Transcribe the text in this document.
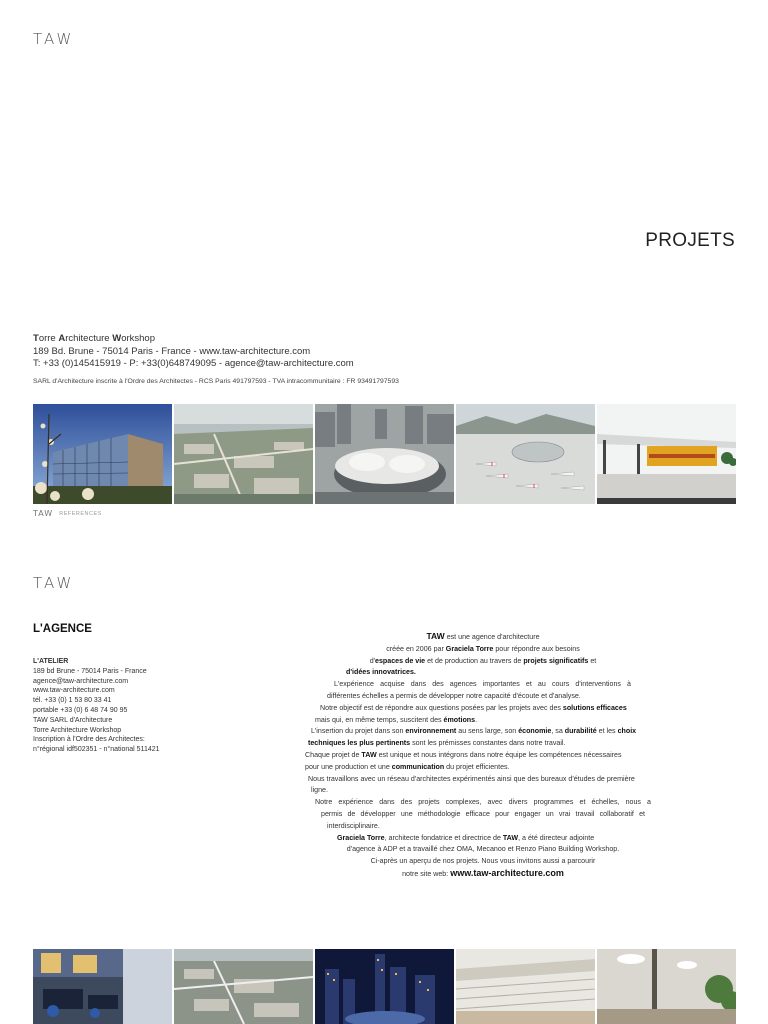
TAW
PROJETS
Torre Architecture Workshop
189 Bd. Brune - 75014 Paris - France - www.taw-architecture.com
T: +33 (0)145415919 - P: +33(0)648749095 - agence@taw-architecture.com
SARL d'Architecture inscrite à l'Ordre des Architectes - RCS Paris 491797593 - TVA intracommunitaire : FR 93491797593
TAW REFERENCES
TAW
L'AGENCE
L'ATELIER
189 bd Brune - 75014 Paris - France
agence@taw-architecture.com
www.taw-architecture.com
tél. +33 (0) 1 53 80 33 41
portable +33 (0) 6 48 74 90 95
TAW SARL d'Architecture
Torre Architecture Workshop
Inscription à l'Ordre des Architectes:
n°régional idf502351 - n°national 511421

TAW est une agence d'architecture

créée en 2006 par Graciela Torre pour répondre aux besoins

d'espaces de vie et de production au travers de projets significatifs et

d'idées innovatrices.

L'expérience acquise dans des agences importantes et au cours d'interventions à

différentes échelles a permis de développer notre capacité d'écoute et d'analyse.

Notre objectif est de répondre aux questions posées par les projets avec des solutions efficaces

mais qui, en même temps, suscitent des émotions.

L'insertion du projet dans son environnement au sens large, son économie, sa durabilité et les choix

techniques les plus pertinents sont les prémisses constantes dans notre travail.

Chaque projet de TAW est unique et nous intégrons dans notre équipe les compétences nécessaires

pour une production et une communication du projet efficientes.

Nous travaillons avec un réseau d'architectes expérimentés ainsi que des bureaux d'études de première

ligne.

Notre expérience dans des projets complexes, avec divers programmes et échelles, nous a

permis de développer une méthodologie efficace pour engager un vrai travail collaboratif et

interdisciplinaire.

Graciela Torre, architecte fondatrice et directrice de TAW, a été directeur adjointe

d'agence à ADP et a travaillé chez OMA, Mecanoo et Renzo Piano Building Workshop.

Ci-après un aperçu de nos projets. Nous vous invitons aussi a parcourir

notre site web: www.taw-architecture.com
